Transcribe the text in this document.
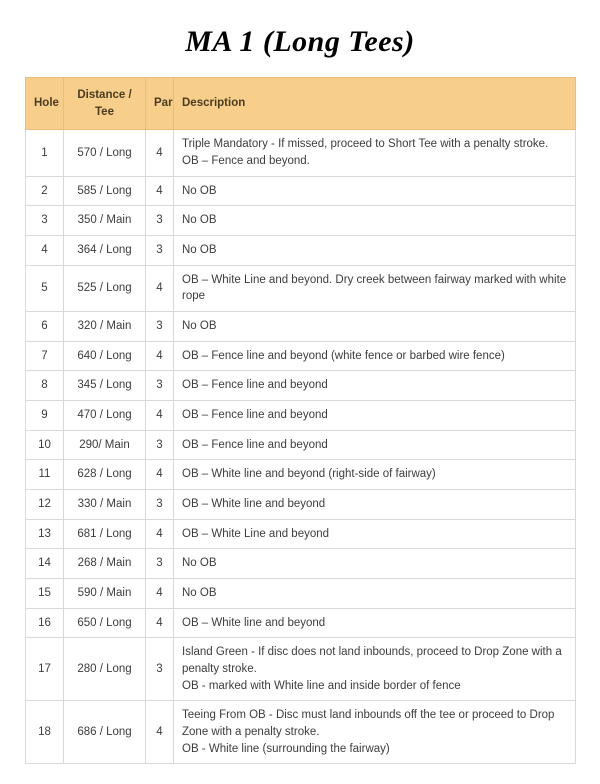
MA 1 (Long Tees)
Hole	Distance / Tee	Par	Description
1	570 / Long	4	Triple Mandatory - If missed, proceed to Short Tee with a penalty stroke.
OB – Fence and beyond.

2	585 / Long	4	No OB

3	350 / Main	3	No OB

4	364 / Long	3	No OB

5	525 / Long	4	OB – White Line and beyond. Dry creek between fairway marked with white rope

6	320 / Main	3	No OB

7	640 / Long	4	OB – Fence line and beyond (white fence or barbed wire fence)

8	345 / Long	3	OB – Fence line and beyond

9	470 / Long	4	OB – Fence line and beyond

10	290/ Main	3	OB – Fence line and beyond

11	628 / Long	4	OB – White line and beyond (right-side of fairway)

12	330 / Main	3	OB – White line and beyond

13	681 / Long	4	OB – White Line and beyond

14	268 / Main	3	No OB

15	590 / Main	4	No OB

16	650 / Long	4	OB – White line and beyond

17	280 / Long	3	Island Green - If disc does not land inbounds, proceed to Drop Zone with a penalty stroke.
OB - marked with White line and inside border of fence

18	686 / Long	4	Teeing From OB - Disc must land inbounds off the tee or proceed to Drop Zone with a penalty stroke.
OB - White line (surrounding the fairway)
